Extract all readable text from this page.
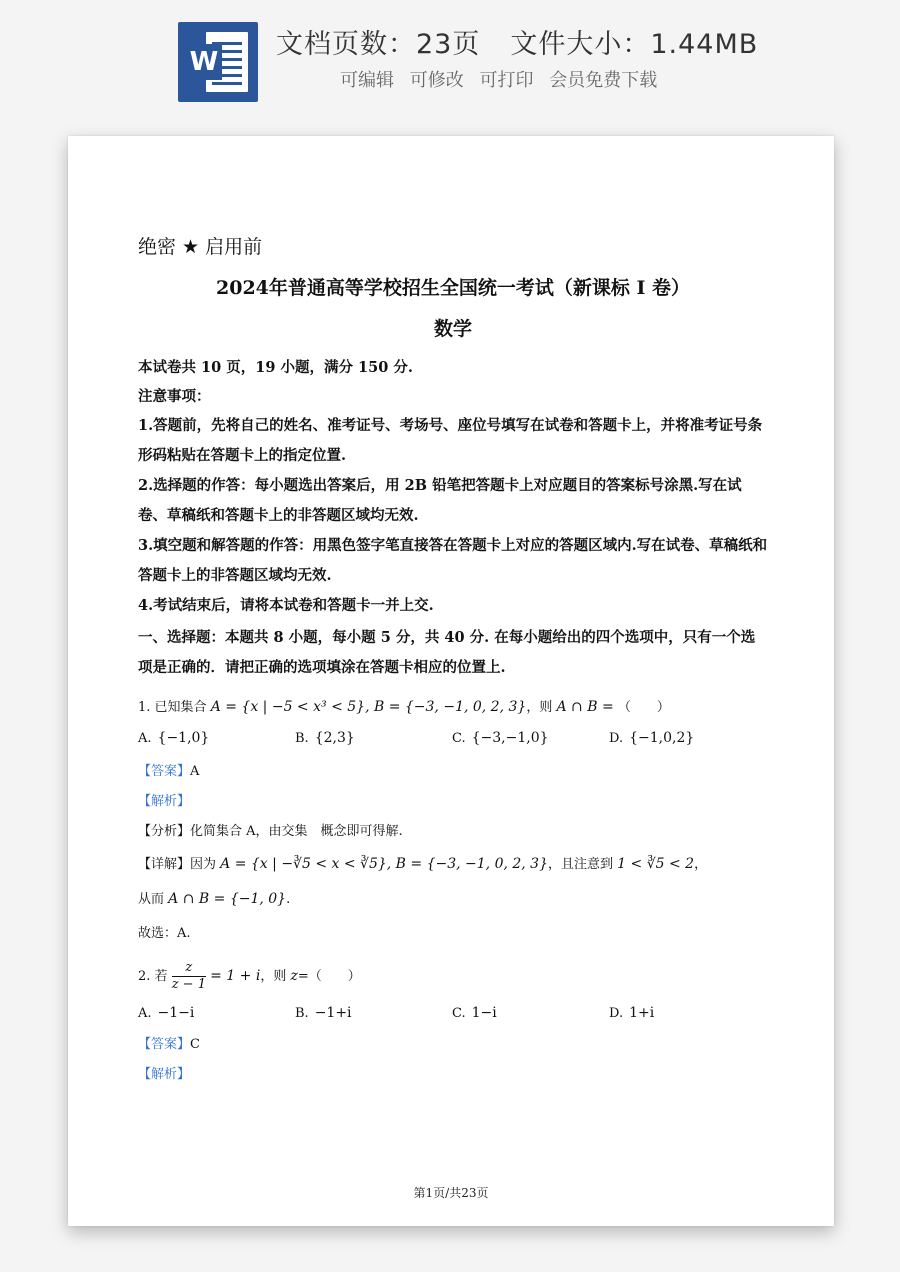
W
文档页数：23页 文件大小：1.44MB
可编辑 可修改 可打印 会员免费下载

绝密 ★ 启用前

2024年普通高等学校招生全国统一考试（新课标 I 卷）

数学

本试卷共 10 页，19 小题，满分 150 分.

注意事项：

1.答题前，先将自己的姓名、准考证号、考场号、座位号填写在试卷和答题卡上，并将准考证号条形码粘贴在答题卡上的指定位置.

2.选择题的作答：每小题选出答案后，用 2B 铅笔把答题卡上对应题目的答案标号涂黑.写在试卷、草稿纸和答题卡上的非答题区域均无效.

3.填空题和解答题的作答：用黑色签字笔直接答在答题卡上对应的答题区域内.写在试卷、草稿纸和答题卡上的非答题区域均无效.

4.考试结束后，请将本试卷和答题卡一并上交.

一、选择题：本题共 8 小题，每小题 5 分，共 40 分. 在每小题给出的四个选项中，只有一个选项是正确的．请把正确的选项填涂在答题卡相应的位置上.

1. 已知集合 A = {x | −5 < x³ < 5}, B = {−3, −1, 0, 2, 3}，则 A ∩ B = （　　）

A. {−1,0}	B. {2,3}	C. {−3,−1,0}	D. {−1,0,2}

【答案】A

【解析】

【分析】化简集合 A，由交集　概念即可得解.

【详解】因为 A = {x | −∛5 < x < ∛5}, B = {−3, −1, 0, 2, 3}，且注意到 1 < ∛5 < 2，

从而 A ∩ B = {−1, 0}.

故选：A.

2. 若 $\frac{z}{z - 1} = 1 + i$，则 z=（　　）

A. −1−i	B. −1+i	C. 1−i	D. 1+i

【答案】C

【解析】

第1页/共23页
